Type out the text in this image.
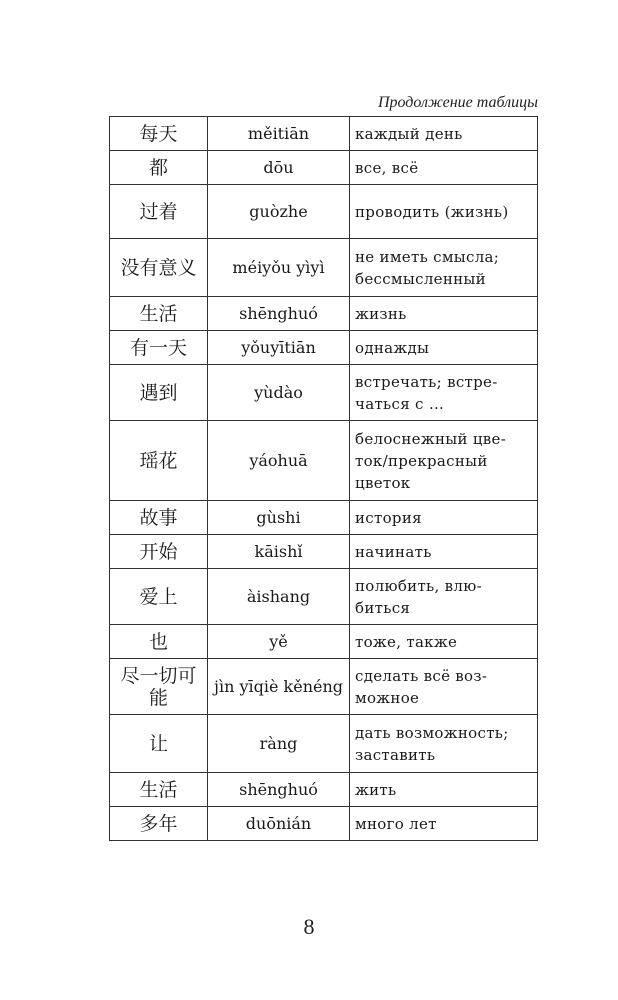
Продолжение таблицы
每天	měitiān	каждый день
都	dōu	все, всё
过着	guòzhe	проводить (жизнь)
没有意义	méiyǒu yìyì	не иметь смысла; бессмысленный
生活	shēnghuó	жизнь
有一天	yǒuyītiān	однажды
遇到	yùdào	встречать; встре-чаться с …
瑶花	yáohuā	белоснежный цве-ток/прекрасный цветок
故事	gùshi	история
开始	kāishǐ	начинать
爱上	àishang	полюбить, влю-биться
也	yě	тоже, также
尽一切可能	jìn yīqiè kěnéng	сделать всё воз-можное
让	ràng	дать возможность; заставить
生活	shēnghuó	жить
多年	duōnián	много лет
8
